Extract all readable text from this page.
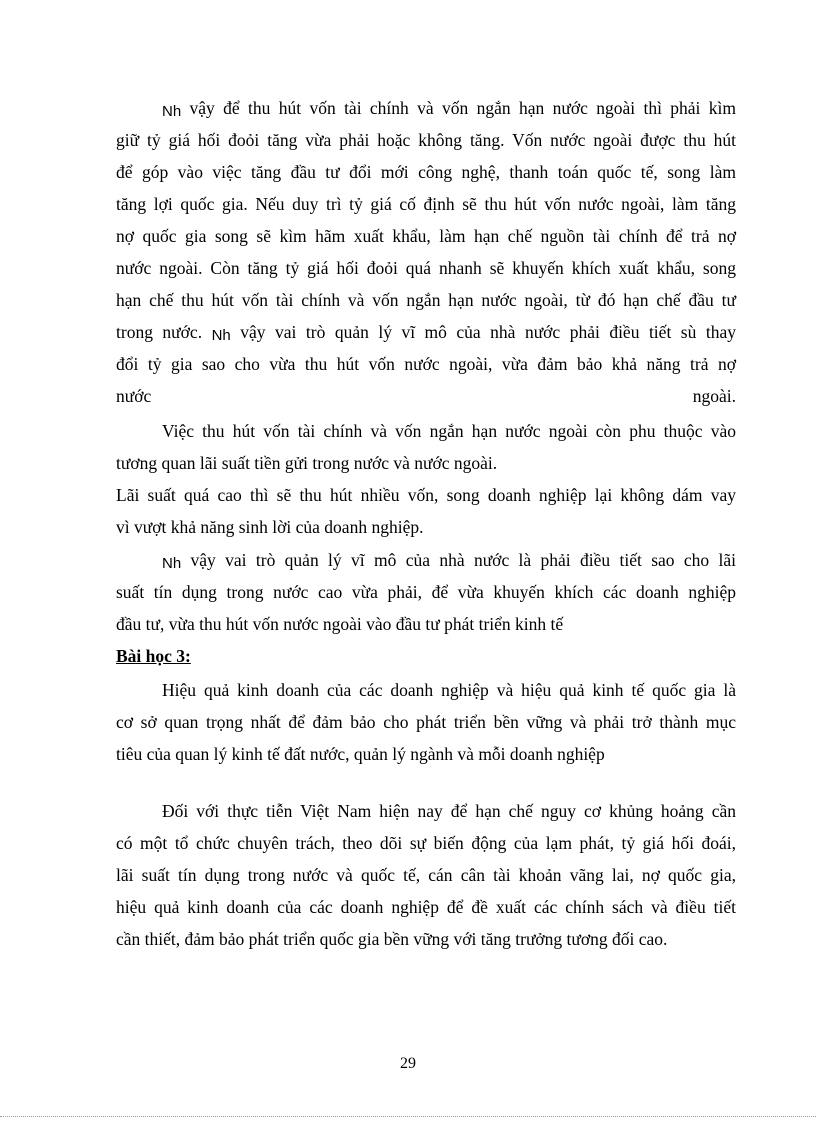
Nh vậy để thu hút vốn tài chính và vốn ngắn hạn nước ngoài thì phải kìm
giữ tỷ giá hối đoỏi tăng vừa phải hoặc không tăng. Vốn nước ngoài được thu hút
để góp vào việc tăng đầu tư đổi mới công nghệ, thanh toán quốc tế, song làm
tăng lợi quốc gia. Nếu duy trì tỷ giá cố định sẽ thu hút vốn nước ngoài, làm tăng
nợ quốc gia song sẽ kìm hãm xuất khẩu, làm hạn chế nguồn tài chính để trả nợ
nước ngoài. Còn tăng tỷ giá hối đoỏi quá nhanh sẽ khuyến khích xuất khẩu, song
hạn chế thu hút vốn tài chính và vốn ngắn hạn nước ngoài, từ đó hạn chế đầu tư
trong nước. Nh vậy vai trò quản lý vĩ mô của nhà nước phải điều tiết sù thay
đổi tỷ gia sao cho vừa thu hút vốn nước ngoài, vừa đảm bảo khả năng trả nợ
nước	ngoài.
Việc thu hút vốn tài chính và vốn ngắn hạn nước ngoài còn phu thuộc vào
tương quan lãi suất tiền gửi trong nước và nước ngoài.
Lãi suất quá cao thì sẽ thu hút nhiều vốn, song doanh nghiệp lại không dám vay
vì vượt khả năng sinh lời của doanh nghiệp.
Nh vậy vai trò quản lý vĩ mô của nhà nước là phải điều tiết sao cho lãi
suất tín dụng trong nước cao vừa phải, để vừa khuyến khích các doanh nghiệp
đầu tư, vừa thu hút vốn nước ngoài vào đầu tư phát triển kinh tế
Bài học 3:
Hiệu quả kinh doanh của các doanh nghiệp và hiệu quả kinh tế quốc gia là
cơ sở quan trọng nhất để đảm bảo cho phát triển bền vững và phải trở thành mục
tiêu của quan lý kinh tế đất nước, quản lý ngành và mỗi doanh nghiệp
Đối với thực tiễn Việt Nam hiện nay để hạn chế nguy cơ khủng hoảng cần
có một tổ chức chuyên trách, theo dõi sự biến động của lạm phát, tỷ giá hối đoái,
lãi suất tín dụng trong nước và quốc tế, cán cân tài khoản vãng lai, nợ quốc gia,
hiệu quả kinh doanh của các doanh nghiệp để đề xuất các chính sách và điều tiết
cần thiết, đảm bảo phát triển quốc gia bền vững với tăng trưởng tương đối cao.
29
